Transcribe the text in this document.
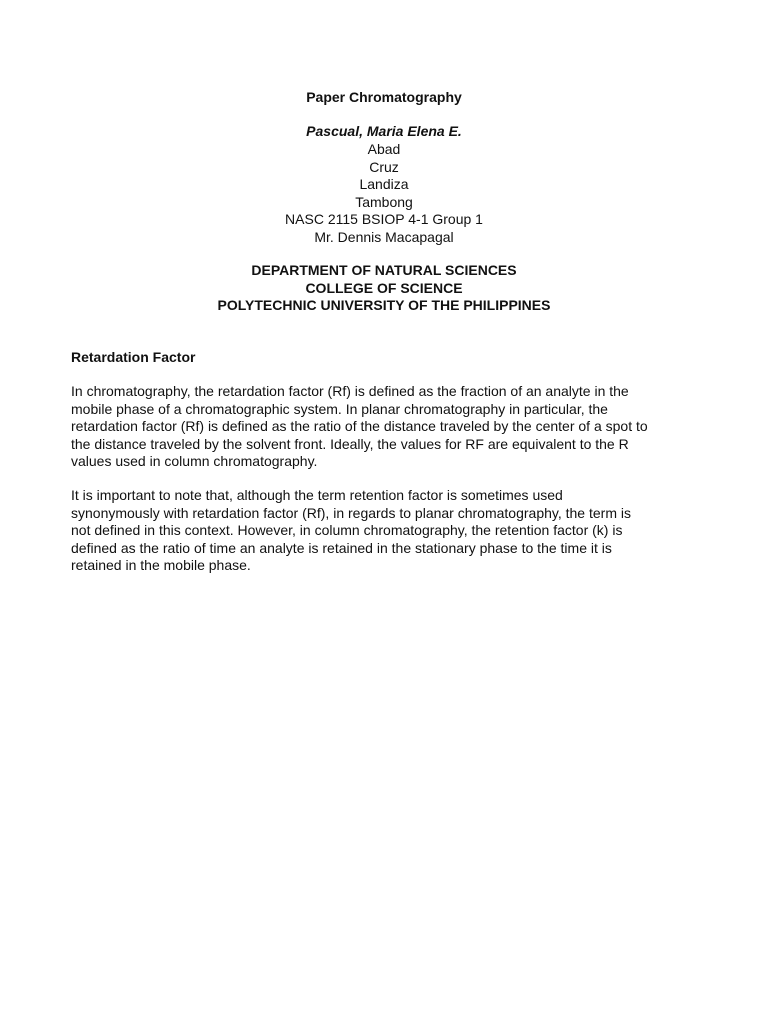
Paper Chromatography
Pascual, Maria Elena E.
Abad
Cruz
Landiza
Tambong
NASC 2115 BSIOP 4-1 Group 1
Mr. Dennis Macapagal
DEPARTMENT OF NATURAL SCIENCES
COLLEGE OF SCIENCE
POLYTECHNIC UNIVERSITY OF THE PHILIPPINES
Retardation Factor
In chromatography, the retardation factor (Rf) is defined as the fraction of an analyte in the
mobile phase of a chromatographic system. In planar chromatography in particular, the
retardation factor (Rf) is defined as the ratio of the distance traveled by the center of a spot to
the distance traveled by the solvent front. Ideally, the values for RF are equivalent to the R
values used in column chromatography.
It is important to note that, although the term retention factor is sometimes used
synonymously with retardation factor (Rf), in regards to planar chromatography, the term is
not defined in this context. However, in column chromatography, the retention factor (k) is
defined as the ratio of time an analyte is retained in the stationary phase to the time it is
retained in the mobile phase.
